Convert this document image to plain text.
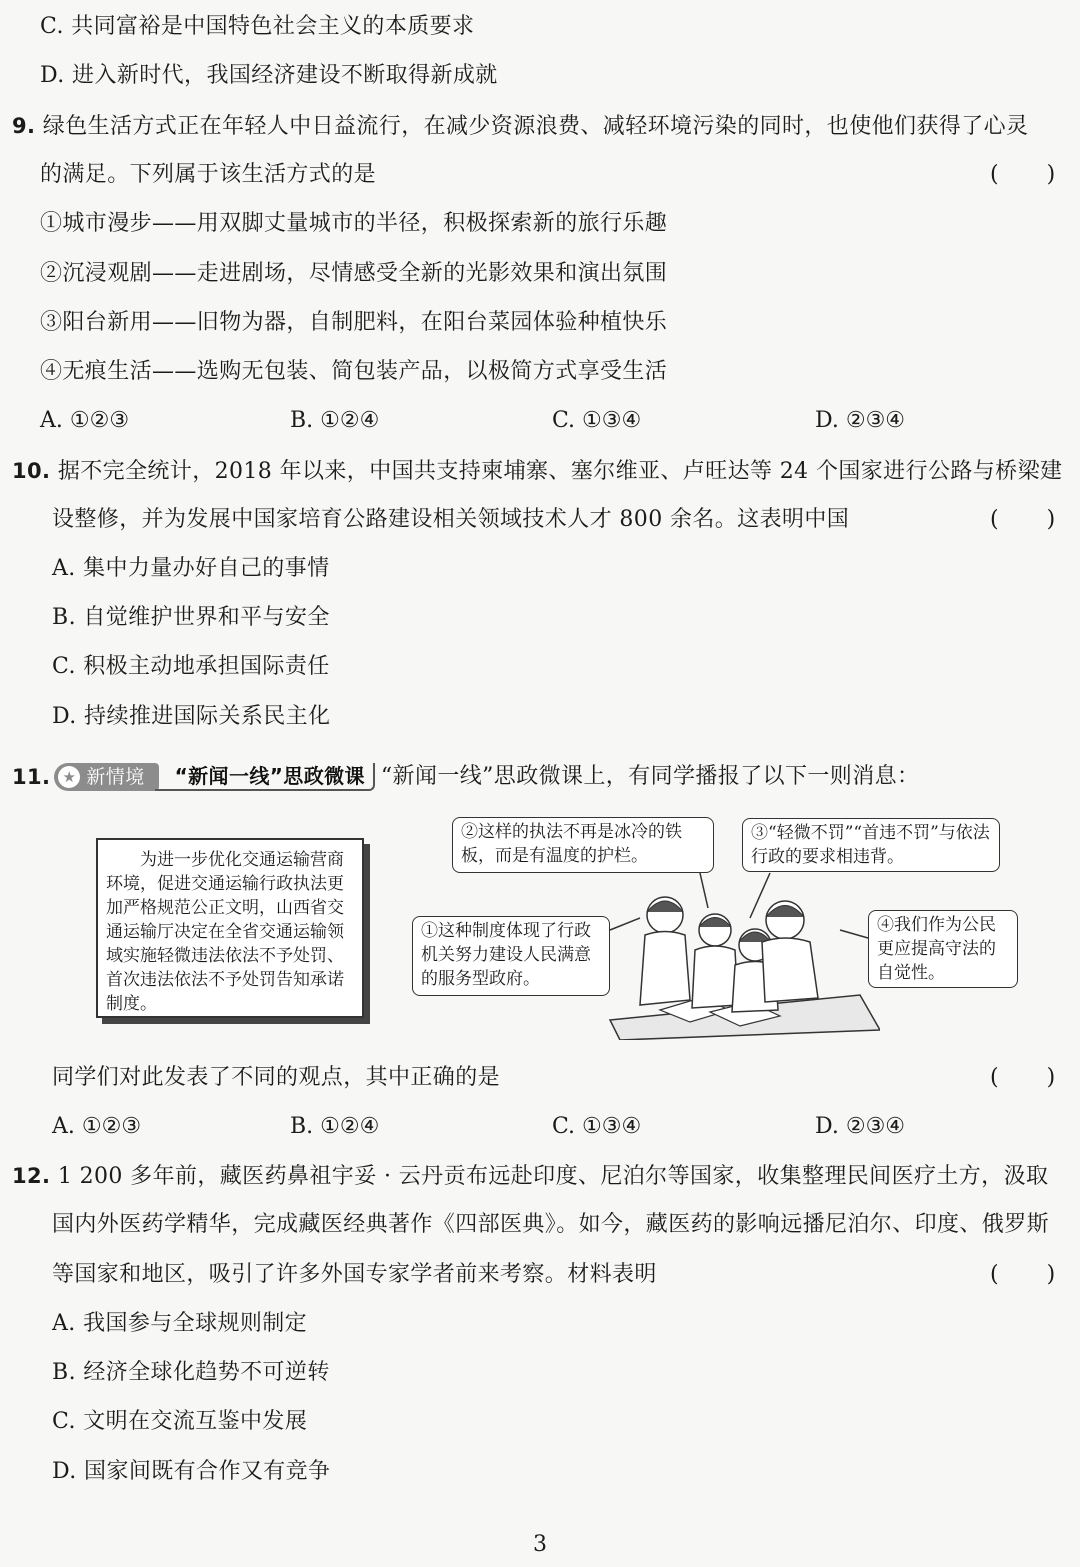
C. 共同富裕是中国特色社会主义的本质要求
D. 进入新时代，我国经济建设不断取得新成就
9. 绿色生活方式正在年轻人中日益流行，在减少资源浪费、减轻环境污染的同时，也使他们获得了心灵
的满足。下列属于该生活方式的是	( )
①城市漫步——用双脚丈量城市的半径，积极探索新的旅行乐趣
②沉浸观剧——走进剧场，尽情感受全新的光影效果和演出氛围
③阳台新用——旧物为器，自制肥料，在阳台菜园体验种植快乐
④无痕生活——选购无包装、简包装产品，以极简方式享受生活
A. ①②③	B. ①②④	C. ①③④	D. ②③④
10. 据不完全统计，2018 年以来，中国共支持柬埔寨、塞尔维亚、卢旺达等 24 个国家进行公路与桥梁建
设整修，并为发展中国家培育公路建设相关领域技术人才 800 余名。这表明中国	( )
A. 集中力量办好自己的事情
B. 自觉维护世界和平与安全
C. 积极主动地承担国际责任
D. 持续推进国际关系民主化
11. ★ 新情境	“新闻一线”思政微课 “新闻一线”思政微课上，有同学播报了以下一则消息：
为进一步优化交通运输营商环境，促进交通运输行政执法更加严格规范公正文明，山西省交通运输厅决定在全省交通运输领域实施轻微违法依法不予处罚、首次违法依法不予处罚告知承诺制度。
②这样的执法不再是冰冷的铁板，而是有温度的护栏。
③“轻微不罚”“首违不罚”与依法行政的要求相违背。
①这种制度体现了行政机关努力建设人民满意的服务型政府。
④我们作为公民更应提高守法的自觉性。
同学们对此发表了不同的观点，其中正确的是	( )
A. ①②③	B. ①②④	C. ①③④	D. ②③④
12. 1 200 多年前，藏医药鼻祖宇妥 · 云丹贡布远赴印度、尼泊尔等国家，收集整理民间医疗土方，汲取
国内外医药学精华，完成藏医经典著作《四部医典》。如今，藏医药的影响远播尼泊尔、印度、俄罗斯
等国家和地区，吸引了许多外国专家学者前来考察。材料表明	( )
A. 我国参与全球规则制定
B. 经济全球化趋势不可逆转
C. 文明在交流互鉴中发展
D. 国家间既有合作又有竞争
3
